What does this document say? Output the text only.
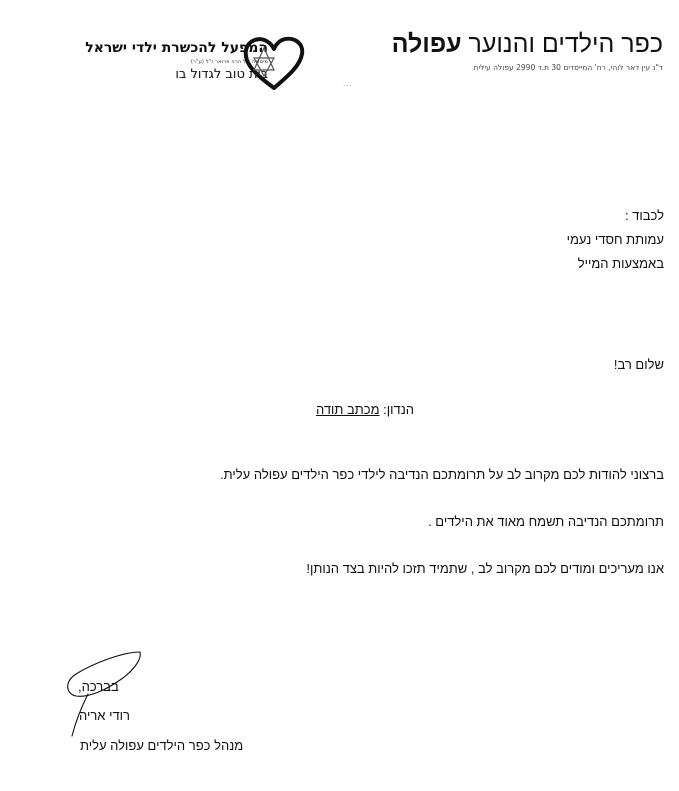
המפעל להכשרת ילדי ישראל
מיסודה של הרה פרואר ז"ל (ע"ר)
בית טוב לגדול בו
כפר הילדים והנוער עפולה
ד"נ עין דאר לוהי, רח' המייסדים 30 ת.ד 2990 עפולה עילית
...
לכבוד :
עמותת חסדי נעמי
באמצעות המייל
שלום רב!
הנדון: מכתב תודה
ברצוני להודות לכם מקרוב לב על תרומתכם הנדיבה לילדי כפר הילדים עפולה עלית.
תרומתכם הנדיבה תשמח מאוד את הילדים .
אנו מעריכים ומודים לכם מקרוב לב , שתמיד תזכו להיות בצד הנותן!
בברכה,
רודי אריה
מנהל כפר הילדים עפולה עלית
